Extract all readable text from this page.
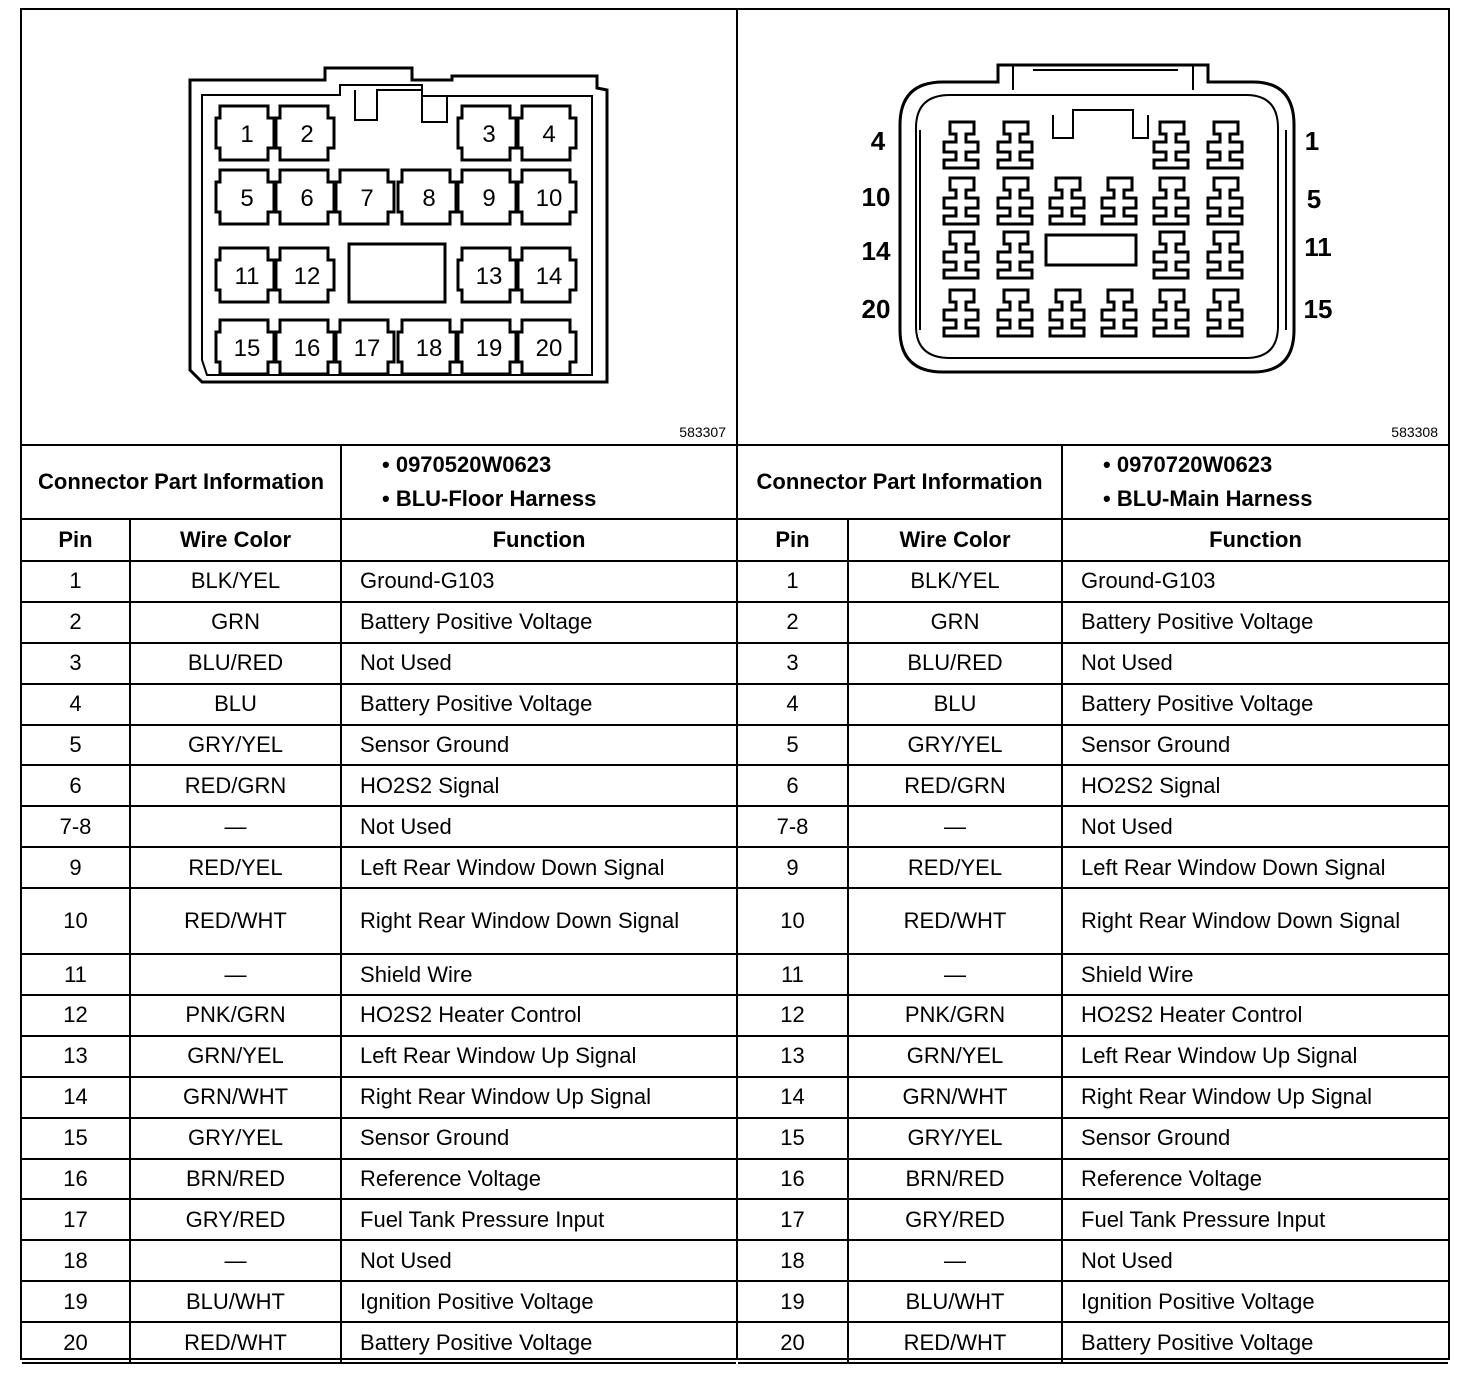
1 2	3 4
5 6 7 8 9 10
11 12	13 14
15 16 17 18 19 20
583307
Connector Part Information		• 0970520W0623
• BLU-Floor Harness

Pin	Wire Color	Function
1	BLK/YEL	Ground-G103
2	GRN	Battery Positive Voltage
3	BLU/RED	Not Used
4	BLU	Battery Positive Voltage
5	GRY/YEL	Sensor Ground
6	RED/GRN	HO2S2 Signal
7-8	—	Not Used
9	RED/YEL	Left Rear Window Down Signal
10	RED/WHT	Right Rear Window Down Signal
11	—	Shield Wire
12	PNK/GRN	HO2S2 Heater Control
13	GRN/YEL	Left Rear Window Up Signal
14	GRN/WHT	Right Rear Window Up Signal
15	GRY/YEL	Sensor Ground
16	BRN/RED	Reference Voltage
17	GRY/RED	Fuel Tank Pressure Input
18	—	Not Used
19	BLU/WHT	Ignition Positive Voltage
20	RED/WHT	Battery Positive Voltage
4
10
14
20
1
5
11
15
583308
Connector Part Information		• 0970720W0623
• BLU-Main Harness

Pin	Wire Color	Function
1	BLK/YEL	Ground-G103
2	GRN	Battery Positive Voltage
3	BLU/RED	Not Used
4	BLU	Battery Positive Voltage
5	GRY/YEL	Sensor Ground
6	RED/GRN	HO2S2 Signal
7-8	—	Not Used
9	RED/YEL	Left Rear Window Down Signal
10	RED/WHT	Right Rear Window Down Signal
11	—	Shield Wire
12	PNK/GRN	HO2S2 Heater Control
13	GRN/YEL	Left Rear Window Up Signal
14	GRN/WHT	Right Rear Window Up Signal
15	GRY/YEL	Sensor Ground
16	BRN/RED	Reference Voltage
17	GRY/RED	Fuel Tank Pressure Input
18	—	Not Used
19	BLU/WHT	Ignition Positive Voltage
20	RED/WHT	Battery Positive Voltage
